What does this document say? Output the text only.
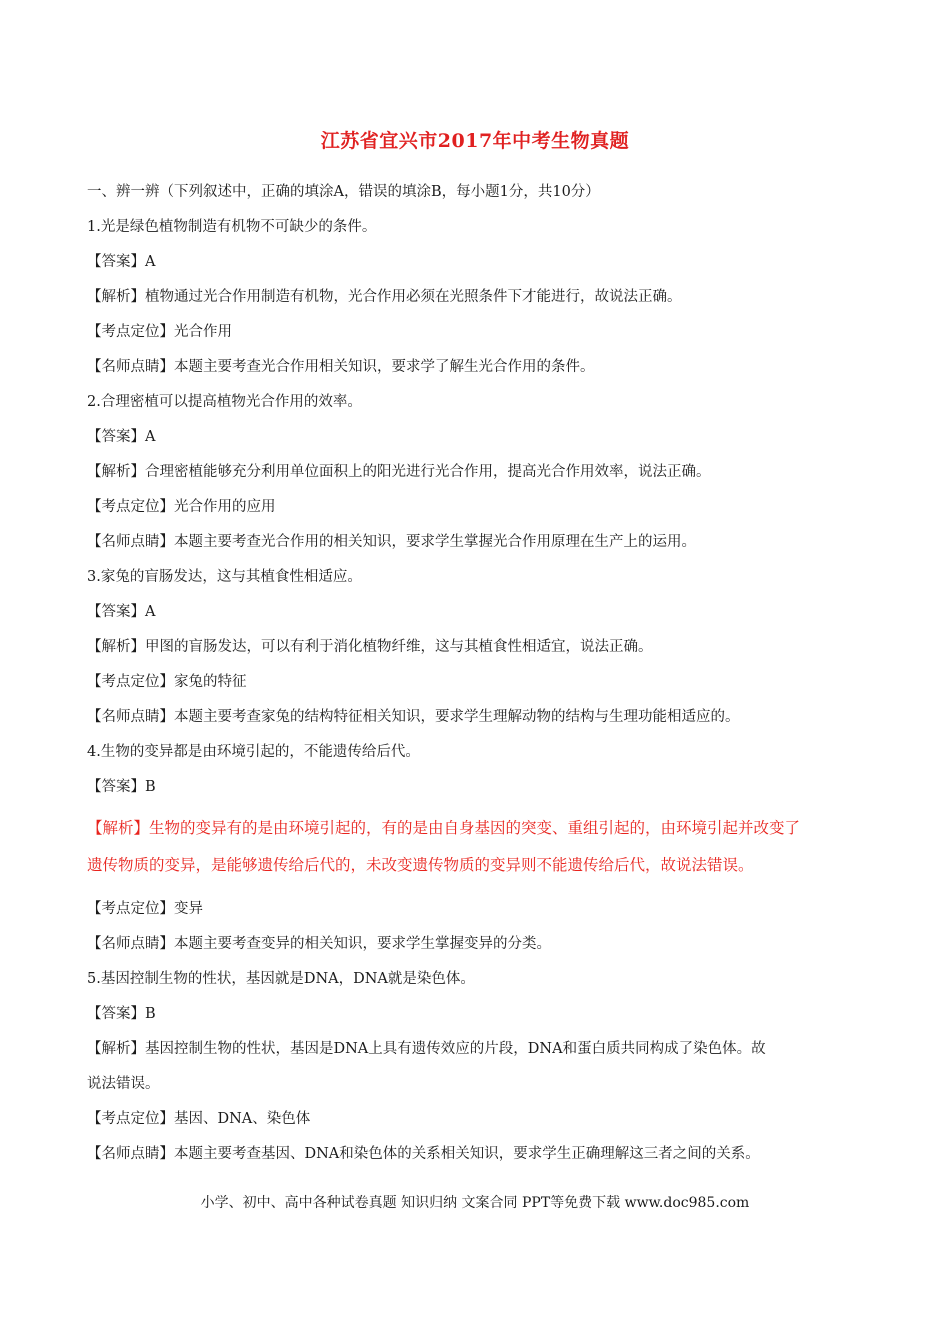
江苏省宜兴市2017年中考生物真题
一、辨一辨（下列叙述中，正确的填涂A，错误的填涂B，每小题1分，共10分）
1.光是绿色植物制造有机物不可缺少的条件。
【答案】A
【解析】植物通过光合作用制造有机物，光合作用必须在光照条件下才能进行，故说法正确。
【考点定位】光合作用
【名师点睛】本题主要考查光合作用相关知识，要求学了解生光合作用的条件。
2.合理密植可以提高植物光合作用的效率。
【答案】A
【解析】合理密植能够充分利用单位面积上的阳光进行光合作用，提高光合作用效率，说法正确。
【考点定位】光合作用的应用
【名师点睛】本题主要考查光合作用的相关知识，要求学生掌握光合作用原理在生产上的运用。
3.家兔的盲肠发达，这与其植食性相适应。
【答案】A
【解析】甲图的盲肠发达，可以有利于消化植物纤维，这与其植食性相适宜，说法正确。
【考点定位】家兔的特征
【名师点睛】本题主要考查家兔的结构特征相关知识，要求学生理解动物的结构与生理功能相适应的。
4.生物的变异都是由环境引起的，不能遗传给后代。
【答案】B
【解析】生物的变异有的是由环境引起的，有的是由自身基因的突变、重组引起的，由环境引起并改变了
遗传物质的变异，是能够遗传给后代的，未改变遗传物质的变异则不能遗传给后代，故说法错误。
【考点定位】变异
【名师点睛】本题主要考查变异的相关知识，要求学生掌握变异的分类。
5.基因控制生物的性状，基因就是DNA，DNA就是染色体。
【答案】B
【解析】基因控制生物的性状，基因是DNA上具有遗传效应的片段，DNA和蛋白质共同构成了染色体。故
说法错误。
【考点定位】基因、DNA、染色体
【名师点睛】本题主要考查基因、DNA和染色体的关系相关知识，要求学生正确理解这三者之间的关系。
小学、初中、高中各种试卷真题 知识归纳 文案合同 PPT等免费下载 www.doc985.com
